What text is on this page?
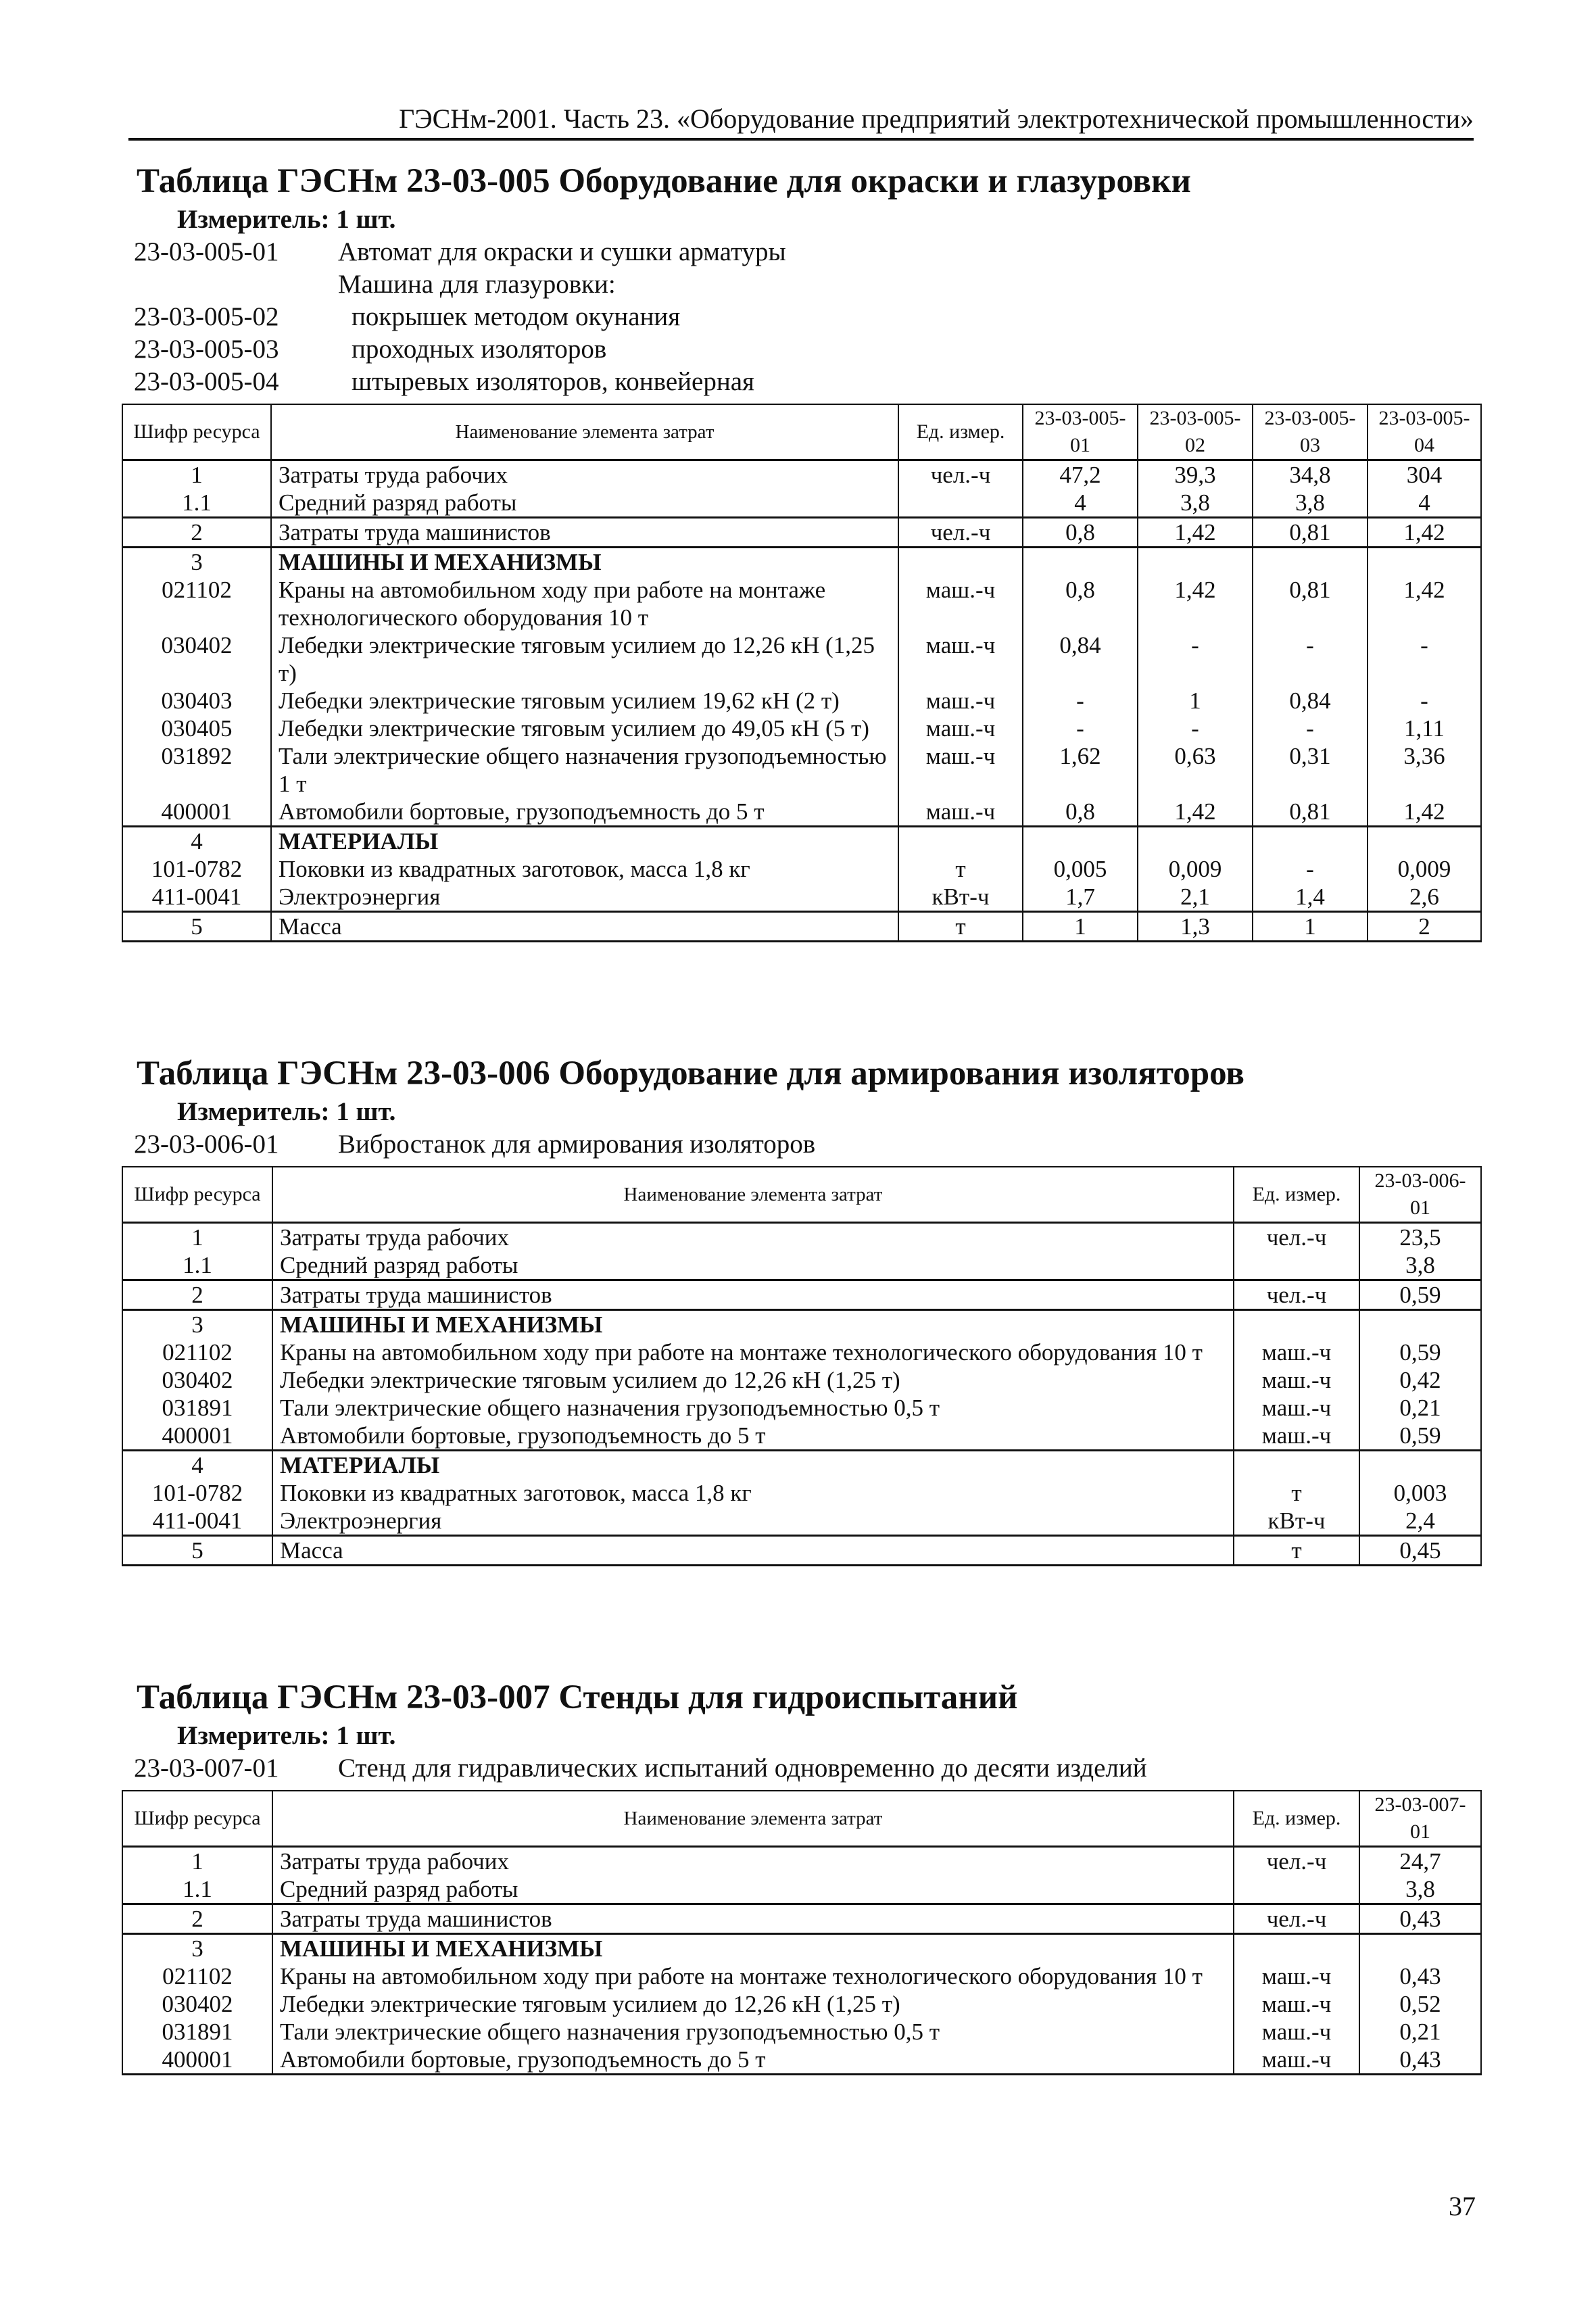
ГЭСНм-2001. Часть 23. «Оборудование предприятий электротехнической промышленности»
Таблица ГЭСНм 23-03-005 Оборудование для окраски и глазуровки
Измеритель: 1 шт.
23-03-005-01	Автомат для окраски и сушки арматуры
Машина для глазуровки:
23-03-005-02	покрышек методом окунания
23-03-005-03	проходных изоляторов
23-03-005-04	штыревых изоляторов, конвейерная
Шифр ресурса	Наименование элемента затрат	Ед. измер.	23-03-005-01	23-03-005-02	23-03-005-03	23-03-005-04
1	Затраты труда рабочих	чел.-ч	47,2	39,3	34,8	304
1.1	Средний разряд работы		4	3,8	3,8	4
2	Затраты труда машинистов	чел.-ч	0,8	1,42	0,81	1,42
3	МАШИНЫ И МЕХАНИЗМЫ					
021102	Краны на автомобильном ходу при работе на монтаже технологического оборудования 10 т	маш.-ч	0,8	1,42	0,81	1,42
030402	Лебедки электрические тяговым усилием до 12,26 кН (1,25 т)	маш.-ч	0,84	-	-	-
030403	Лебедки электрические тяговым усилием 19,62 кН (2 т)	маш.-ч	-	1	0,84	-
030405	Лебедки электрические тяговым усилием до 49,05 кН (5 т)	маш.-ч	-	-	-	1,11
031892	Тали электрические общего назначения грузоподъемностью 1 т	маш.-ч	1,62	0,63	0,31	3,36
400001	Автомобили бортовые, грузоподъемность до 5 т	маш.-ч	0,8	1,42	0,81	1,42
4	МАТЕРИАЛЫ					
101-0782	Поковки из квадратных заготовок, масса 1,8 кг	т	0,005	0,009	-	0,009
411-0041	Электроэнергия	кВт-ч	1,7	2,1	1,4	2,6
5	Масса	т	1	1,3	1	2
Таблица ГЭСНм 23-03-006 Оборудование для армирования изоляторов
Измеритель: 1 шт.
23-03-006-01	Вибростанок для армирования изоляторов
Шифр ресурса	Наименование элемента затрат	Ед. измер.	23-03-006-01
1	Затраты труда рабочих	чел.-ч	23,5
1.1	Средний разряд работы		3,8
2	Затраты труда машинистов	чел.-ч	0,59
3	МАШИНЫ И МЕХАНИЗМЫ		
021102	Краны на автомобильном ходу при работе на монтаже технологического оборудования 10 т	маш.-ч	0,59
030402	Лебедки электрические тяговым усилием до 12,26 кН (1,25 т)	маш.-ч	0,42
031891	Тали электрические общего назначения грузоподъемностью 0,5 т	маш.-ч	0,21
400001	Автомобили бортовые, грузоподъемность до 5 т	маш.-ч	0,59
4	МАТЕРИАЛЫ		
101-0782	Поковки из квадратных заготовок, масса 1,8 кг	т	0,003
411-0041	Электроэнергия	кВт-ч	2,4
5	Масса	т	0,45
Таблица ГЭСНм 23-03-007 Стенды для гидроиспытаний
Измеритель: 1 шт.
23-03-007-01	Стенд для гидравлических испытаний одновременно до десяти изделий
Шифр ресурса	Наименование элемента затрат	Ед. измер.	23-03-007-01
1	Затраты труда рабочих	чел.-ч	24,7
1.1	Средний разряд работы		3,8
2	Затраты труда машинистов	чел.-ч	0,43
3	МАШИНЫ И МЕХАНИЗМЫ		
021102	Краны на автомобильном ходу при работе на монтаже технологического оборудования 10 т	маш.-ч	0,43
030402	Лебедки электрические тяговым усилием до 12,26 кН (1,25 т)	маш.-ч	0,52
031891	Тали электрические общего назначения грузоподъемностью 0,5 т	маш.-ч	0,21
400001	Автомобили бортовые, грузоподъемность до 5 т	маш.-ч	0,43
37
